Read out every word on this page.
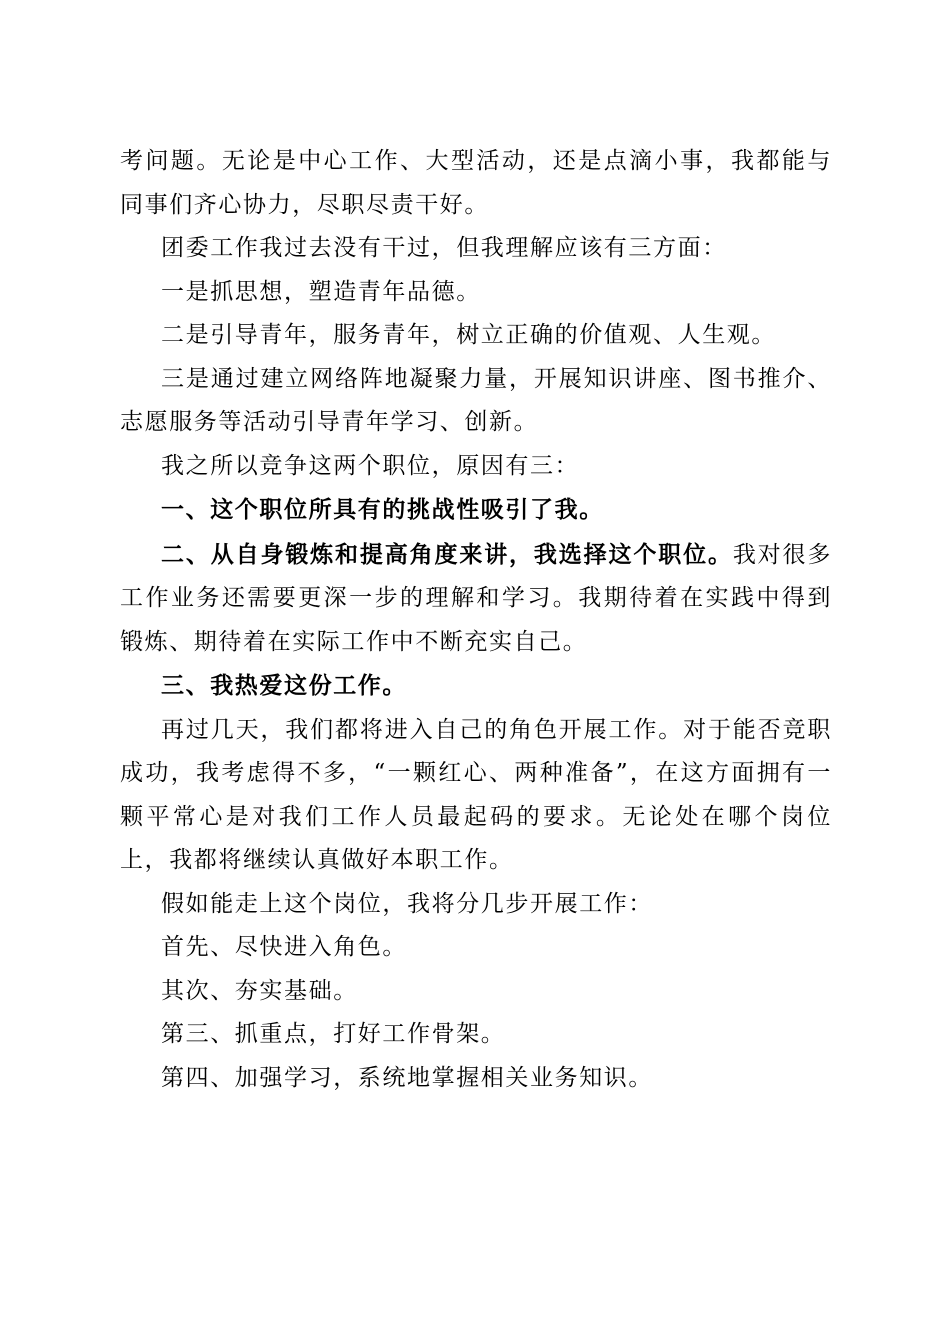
考问题。无论是中心工作、大型活动，还是点滴小事，我都能与同事们齐心协力，尽职尽责干好。

团委工作我过去没有干过，但我理解应该有三方面：

一是抓思想，塑造青年品德。

二是引导青年，服务青年，树立正确的价值观、人生观。

三是通过建立网络阵地凝聚力量，开展知识讲座、图书推介、志愿服务等活动引导青年学习、创新。

我之所以竞争这两个职位，原因有三：

一、这个职位所具有的挑战性吸引了我。

二、从自身锻炼和提高角度来讲，我选择这个职位。我对很多工作业务还需要更深一步的理解和学习。我期待着在实践中得到锻炼、期待着在实际工作中不断充实自己。

三、我热爱这份工作。

再过几天，我们都将进入自己的角色开展工作。对于能否竞职成功，我考虑得不多，“一颗红心、两种准备”，在这方面拥有一颗平常心是对我们工作人员最起码的要求。无论处在哪个岗位上，我都将继续认真做好本职工作。

假如能走上这个岗位，我将分几步开展工作：

首先、尽快进入角色。

其次、夯实基础。

第三、抓重点，打好工作骨架。

第四、加强学习，系统地掌握相关业务知识。
